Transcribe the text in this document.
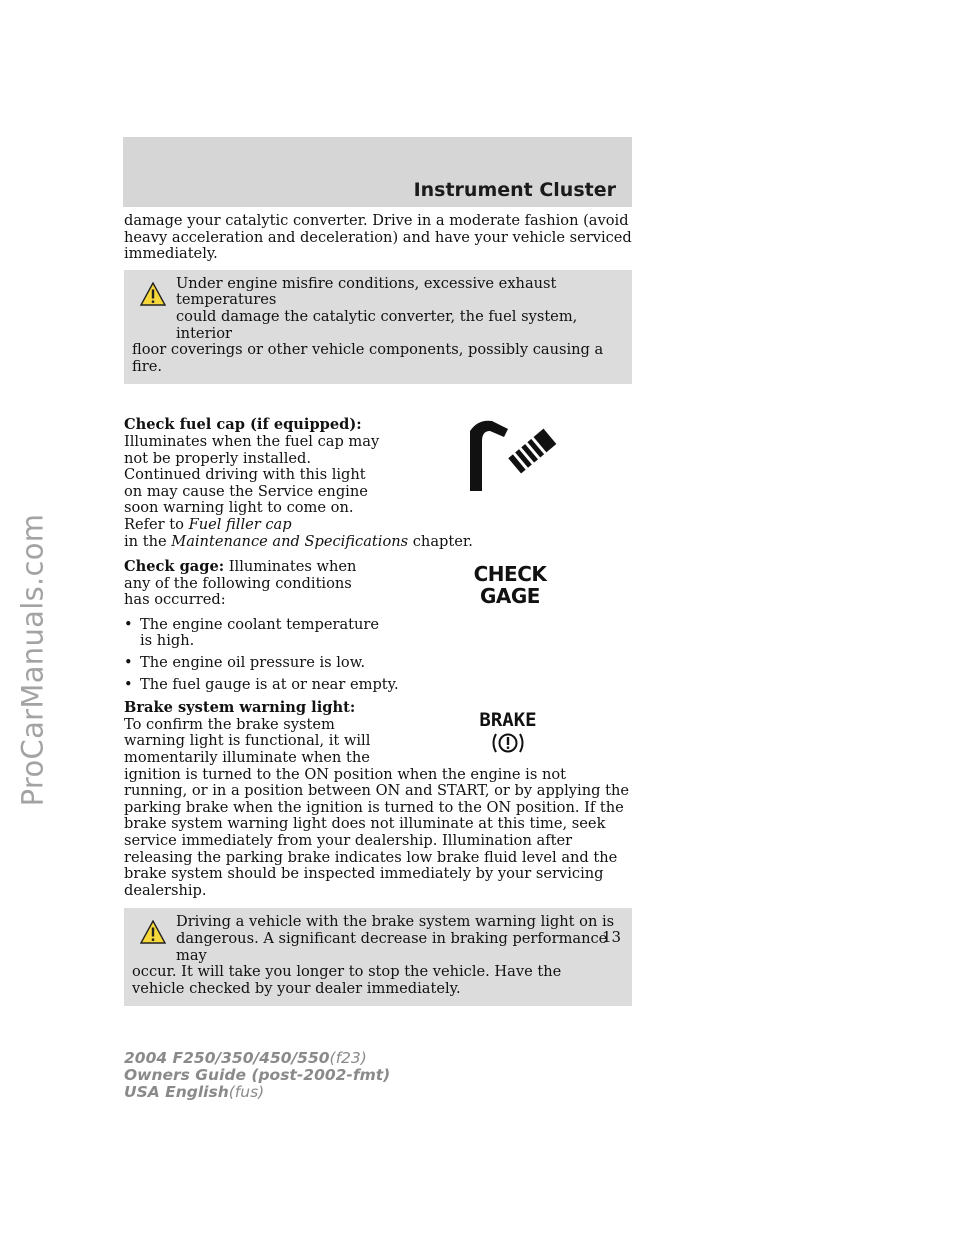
ProCarManuals.com
Instrument Cluster

damage your catalytic converter. Drive in a moderate fashion (avoid heavy acceleration and deceleration) and have your vehicle serviced immediately.

Under engine misfire conditions, excessive exhaust temperatures
could damage the catalytic converter, the fuel system, interior
floor coverings or other vehicle components, possibly causing a fire.

Check fuel cap (if equipped): Illuminates when the fuel cap may not be properly installed. Continued driving with this light on may cause the Service engine soon warning light to come on. Refer to Fuel filler cap

in the Maintenance and Specifications chapter.

CHECK
GAGE

Check gage: Illuminates when any of the following conditions has occurred:

• The engine coolant temperature is high.
• The engine oil pressure is low.
• The fuel gauge is at or near empty.
BRAKE

Brake system warning light: To confirm the brake system warning light is functional, it will momentarily illuminate when the

ignition is turned to the ON position when the engine is not running, or in a position between ON and START, or by applying the parking brake when the ignition is turned to the ON position. If the brake system warning light does not illuminate at this time, seek service immediately from your dealership. Illumination after releasing the parking brake indicates low brake fluid level and the brake system should be inspected immediately by your servicing dealership.

Driving a vehicle with the brake system warning light on is
dangerous. A significant decrease in braking performance may
occur. It will take you longer to stop the vehicle. Have the vehicle checked by your dealer immediately.
13
2004 F250/350/450/550(f23)
Owners Guide (post-2002-fmt)
USA English(fus)
